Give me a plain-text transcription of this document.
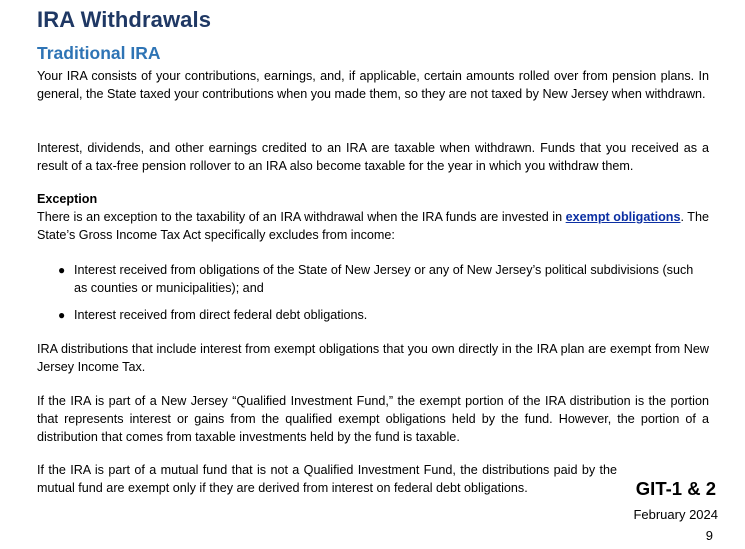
IRA Withdrawals
Traditional IRA

Your IRA consists of your contributions, earnings, and, if applicable, certain amounts rolled over from pension plans. In general, the State taxed your contributions when you made them, so they are not taxed by New Jersey when withdrawn.

Interest, dividends, and other earnings credited to an IRA are taxable when withdrawn. Funds that you received as a result of a tax-free pension rollover to an IRA also become taxable for the year in which you withdraw them.

Exception
There is an exception to the taxability of an IRA withdrawal when the IRA funds are invested in exempt obligations. The State’s Gross Income Tax Act specifically excludes from income:

● Interest received from obligations of the State of New Jersey or any of New Jersey’s political subdivisions (such as counties or municipalities); and
● Interest received from direct federal debt obligations.

IRA distributions that include interest from exempt obligations that you own directly in the IRA plan are exempt from New Jersey Income Tax.

If the IRA is part of a New Jersey “Qualified Investment Fund,” the exempt portion of the IRA distribution is the portion that represents interest or gains from the qualified exempt obligations held by the fund. However, the portion of a distribution that comes from taxable investments held by the fund is taxable.

If the IRA is part of a mutual fund that is not a Qualified Investment Fund, the distributions paid by the mutual fund are exempt only if they are derived from interest on federal debt obligations.	GIT-1 & 2
February 2024
9
